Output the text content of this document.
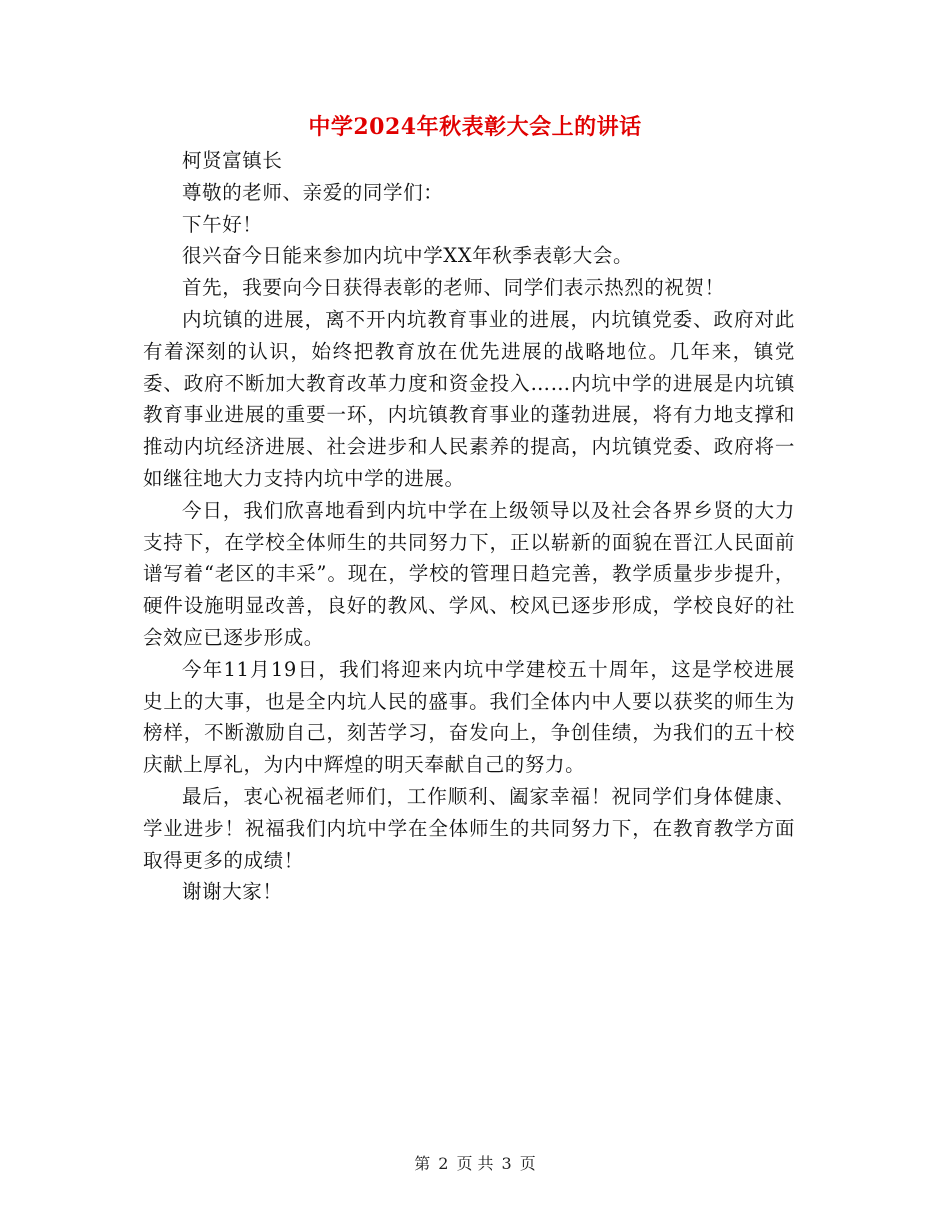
中学2024年秋表彰大会上的讲话

柯贤富镇长

尊敬的老师、亲爱的同学们：

下午好！

很兴奋今日能来参加内坑中学XX年秋季表彰大会。

首先，我要向今日获得表彰的老师、同学们表示热烈的祝贺！

内坑镇的进展，离不开内坑教育事业的进展，内坑镇党委、政府对此有着深刻的认识，始终把教育放在优先进展的战略地位。几年来，镇党委、政府不断加大教育改革力度和资金投入……内坑中学的进展是内坑镇教育事业进展的重要一环，内坑镇教育事业的蓬勃进展，将有力地支撑和推动内坑经济进展、社会进步和人民素养的提高，内坑镇党委、政府将一如继往地大力支持内坑中学的进展。

今日，我们欣喜地看到内坑中学在上级领导以及社会各界乡贤的大力支持下，在学校全体师生的共同努力下，正以崭新的面貌在晋江人民面前谱写着“老区的丰采”。现在，学校的管理日趋完善，教学质量步步提升，硬件设施明显改善，良好的教风、学风、校风已逐步形成，学校良好的社会效应已逐步形成。

今年11月19日，我们将迎来内坑中学建校五十周年，这是学校进展史上的大事，也是全内坑人民的盛事。我们全体内中人要以获奖的师生为榜样，不断激励自己，刻苦学习，奋发向上，争创佳绩，为我们的五十校庆献上厚礼，为内中辉煌的明天奉献自己的努力。

最后，衷心祝福老师们，工作顺利、阖家幸福！祝同学们身体健康、学业进步！祝福我们内坑中学在全体师生的共同努力下，在教育教学方面取得更多的成绩！

谢谢大家！

第 2 页 共 3 页
